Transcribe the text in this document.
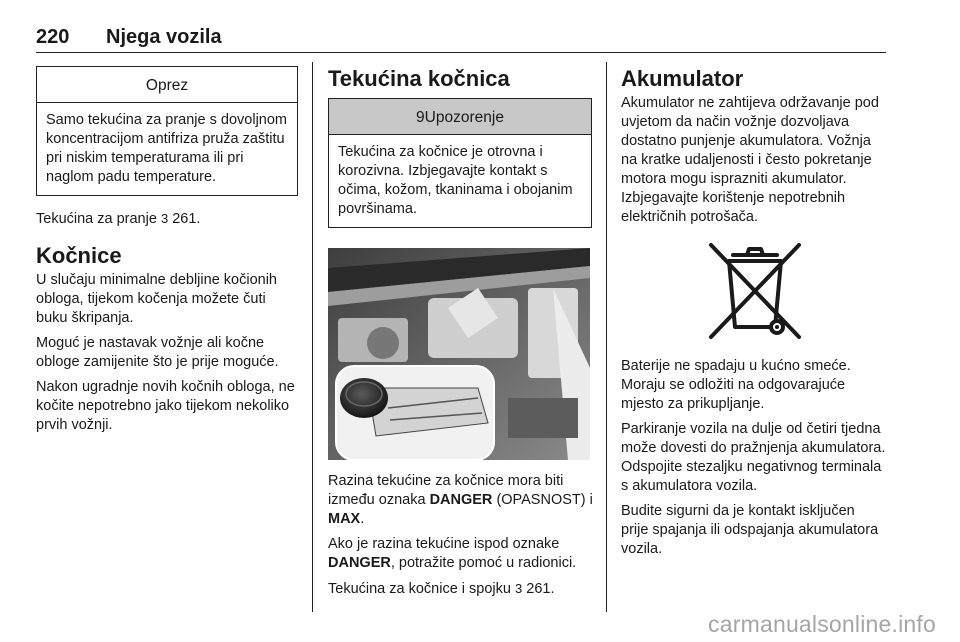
220 Njega vozila
Oprez
Samo tekućina za pranje s dovoljnom koncentracijom antifriza pruža zaštitu pri niskim temperaturama ili pri naglom padu temperature.

Tekućina za pranje 3 261.

Kočnice

U slučaju minimalne debljine kočionih obloga, tijekom kočenja možete čuti buku škripanja.

Moguć je nastavak vožnje ali kočne obloge zamijenite što je prije moguće.

Nakon ugradnje novih kočnih obloga, ne kočite nepotrebno jako tijekom nekoliko prvih vožnji.

Tekućina kočnica
9Upozorenje
Tekućina za kočnice je otrovna i korozivna. Izbjegavajte kontakt s očima, kožom, tkaninama i obojanim površinama.

Razina tekućine za kočnice mora biti između oznaka DANGER (OPASNOST) i MAX.

Ako je razina tekućine ispod oznake DANGER, potražite pomoć u radionici.

Tekućina za kočnice i spojku 3 261.

Akumulator

Akumulator ne zahtijeva održavanje pod uvjetom da način vožnje dozvoljava dostatno punjenje akumulatora. Vožnja na kratke udaljenosti i često pokretanje motora mogu isprazniti akumulator.

Izbjegavajte korištenje nepotrebnih električnih potrošača.

Baterije ne spadaju u kućno smeće. Moraju se odložiti na odgovarajuće mjesto za prikupljanje.

Parkiranje vozila na dulje od četiri tjedna može dovesti do pražnjenja akumulatora. Odspojite stezaljku negativnog terminala s akumulatora vozila.

Budite sigurni da je kontakt isključen prije spajanja ili odspajanja akumulatora vozila.

carmanualsonline.info
